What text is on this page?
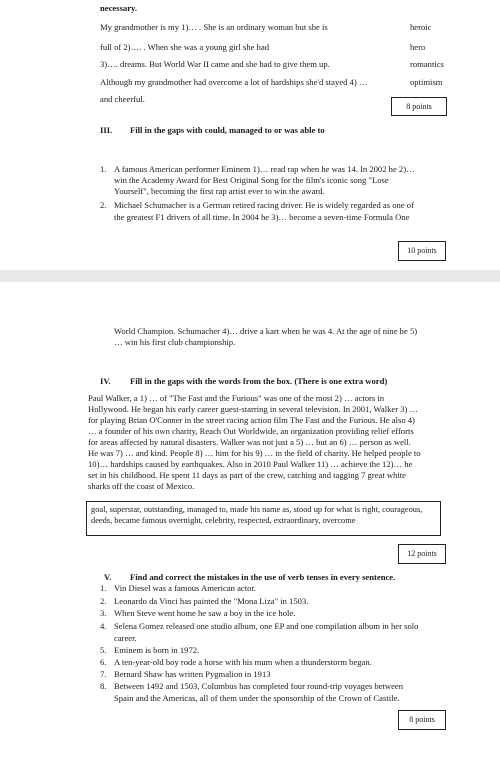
necessary.
My grandmother is my 1)… . She is an ordinary woman but she is
full of 2)…. . When she was a young girl she had
3)…. dreams. But World War II came and she had to give them up.
Although my grandmother had overcome a lot of hardships she'd stayed 4) …
and cheerful.
heroic
hero
romantics
optimism
8 points
III. Fill in the gaps with could, managed to or was able to
1. A famous American performer Eminem 1)… read rap when he was 14. In 2002 he 2)…
win the Academy Award for Best Original Song for the film's iconic song "Lose
Yourself", becoming the first rap artist ever to win the award.
2. Michael Schumacher is a German retired racing driver. He is widely regarded as one of
the greatest F1 drivers of all time. In 2004 he 3)… become a seven-time Formula One
10 points
World Champion. Schumacher 4)… drive a kart when he was 4. At the age of nine he 5)
… win his first club championship.
IV. Fill in the gaps with the words from the box. (There is one extra word)
Paul Walker, a 1) … of "The Fast and the Furious" was one of the most 2) … actors in
Hollywood. He began his early career guest-starring in several television. In 2001, Walker 3) …
for playing Brian O'Conner in the street racing action film The Fast and the Furious. He also 4)
… a founder of his own charity, Reach Out Worldwide, an organization providing relief efforts
for areas affected by natural disasters. Walker was not just a 5) … but an 6) … person as well.
He was 7) … and kind. People 8) … him for his 9) … in the field of charity. He helped people to
10)… hardships caused by earthquakes. Also in 2010 Paul Walker 11) … achieve the 12)… he
set in his childhood. He spent 11 days as part of the crew, catching and tagging 7 great white
sharks off the coast of Mexico.
goal, superstar, outstanding, managed to, made his name as, stood up for what is right, courageous, deeds, became famous overnight, celebrity, respected, extraordinary, overcome
12 points
V. Find and correct the mistakes in the use of verb tenses in every sentence.
1. Vin Diesel was a famous American actor.
2. Leonardo da Vinci has painted the "Mona Liza" in 1503.
3. When Steve went home he saw a boy in the ice hole.
4. Selena Gomez released one studio album, one EP and one compilation album in her solo
career.
5. Eminem is born in 1972.
6. A ten-year-old boy rode a horse with his mum when a thunderstorm began.
7. Bernard Shaw has written Pygmalion in 1913
8. Between 1492 and 1503, Columbus has completed four round-trip voyages between
Spain and the Americas, all of them under the sponsorship of the Crown of Castile.
8 points
